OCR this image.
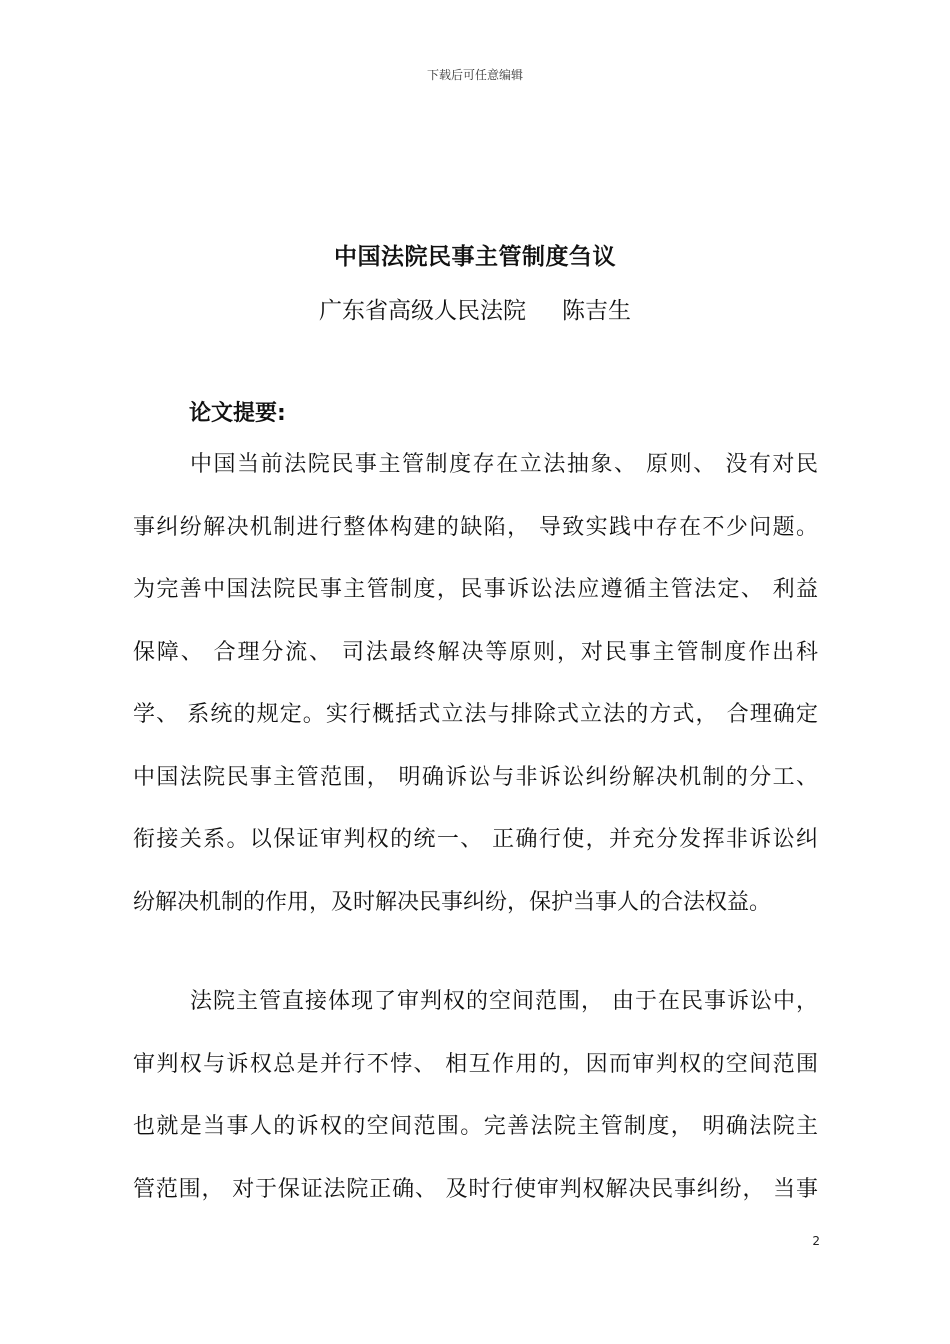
下载后可任意编辑
中国法院民事主管制度刍议
广东省高级人民法院 陈吉生
论文提要:
中国当前法院民事主管制度存在立法抽象、 原则、 没有对民
事纠纷解决机制进行整体构建的缺陷， 导致实践中存在不少问题。
为完善中国法院民事主管制度，民事诉讼法应遵循主管法定、 利益
保障、 合理分流、 司法最终解决等原则，对民事主管制度作出科
学、 系统的规定。实行概括式立法与排除式立法的方式， 合理确定
中国法院民事主管范围， 明确诉讼与非诉讼纠纷解决机制的分工、
衔接关系。以保证审判权的统一、 正确行使，并充分发挥非诉讼纠
纷解决机制的作用，及时解决民事纠纷，保护当事人的合法权益。
法院主管直接体现了审判权的空间范围， 由于在民事诉讼中，
审判权与诉权总是并行不悖、 相互作用的，因而审判权的空间范围
也就是当事人的诉权的空间范围。完善法院主管制度， 明确法院主
管范围， 对于保证法院正确、 及时行使审判权解决民事纠纷， 当事
2
